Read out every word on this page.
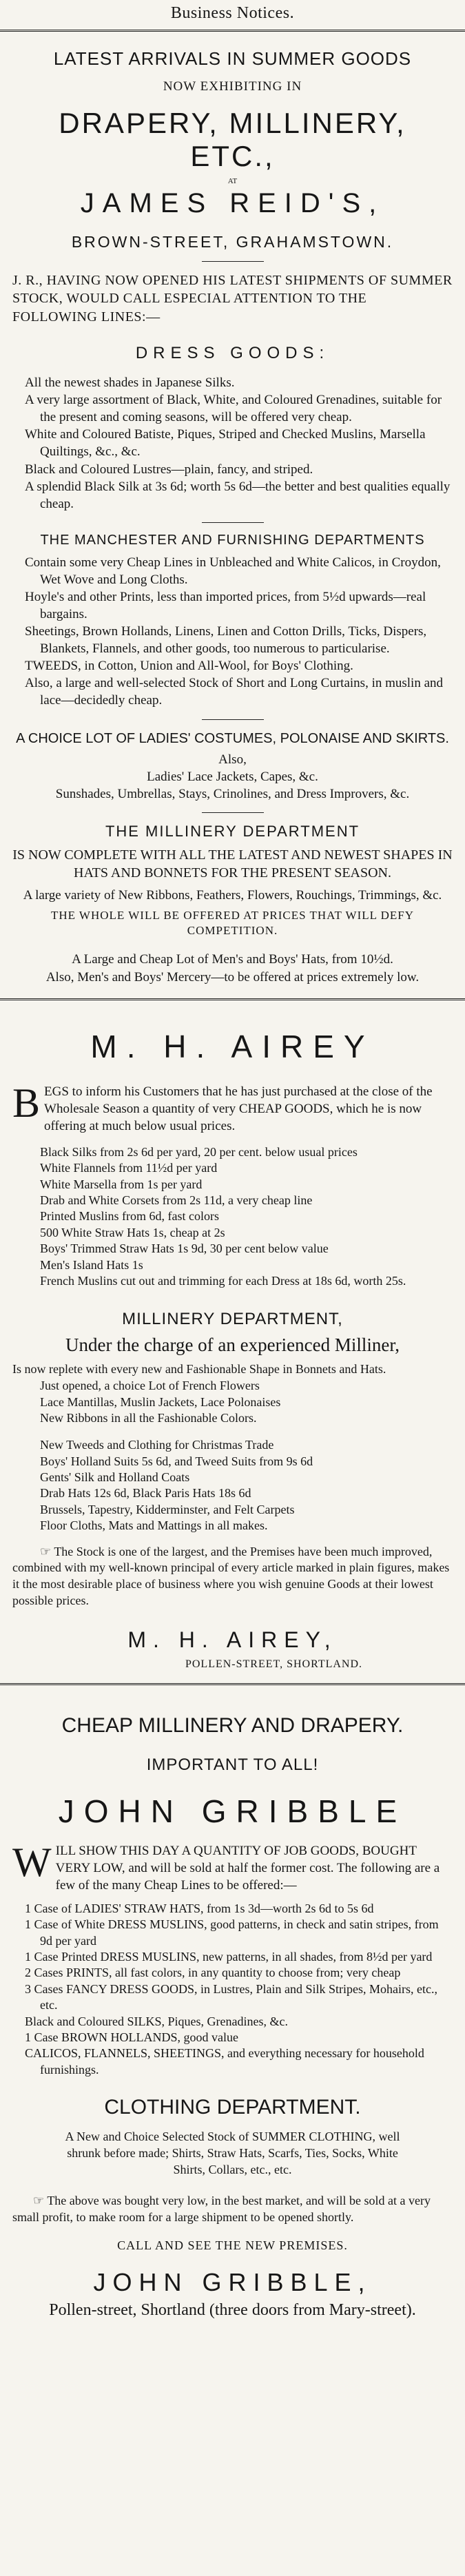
Business Notices.
LATEST ARRIVALS IN SUMMER GOODS
NOW EXHIBITING IN
DRAPERY, MILLINERY, ETC.,
AT
JAMES REID'S,
BROWN-STREET, GRAHAMSTOWN.
J. R., HAVING NOW OPENED HIS LATEST SHIPMENTS OF SUMMER STOCK, WOULD CALL ESPECIAL ATTENTION TO THE FOLLOWING LINES:—
DRESS GOODS:
All the newest shades in Japanese Silks.
A very large assortment of Black, White, and Coloured Grenadines, suitable for the present and coming seasons, will be offered very cheap.
White and Coloured Batiste, Piques, Striped and Checked Muslins, Marsella Quiltings, &c., &c.
Black and Coloured Lustres—plain, fancy, and striped.
A splendid Black Silk at 3s 6d; worth 5s 6d—the better and best qualities equally cheap.
THE MANCHESTER AND FURNISHING DEPARTMENTS
Contain some very Cheap Lines in Unbleached and White Calicos, in Croydon, Wet Wove and Long Cloths.
Hoyle's and other Prints, less than imported prices, from 5½d upwards—real bargains.
Sheetings, Brown Hollands, Linens, Linen and Cotton Drills, Ticks, Dispers, Blankets, Flannels, and other goods, too numerous to particularise.
TWEEDS, in Cotton, Union and All-Wool, for Boys' Clothing.
Also, a large and well-selected Stock of Short and Long Curtains, in muslin and lace—decidedly cheap.
A CHOICE LOT OF LADIES' COSTUMES, POLONAISE AND SKIRTS.
Also,
Ladies' Lace Jackets, Capes, &c.
Sunshades, Umbrellas, Stays, Crinolines, and Dress Improvers, &c.
THE MILLINERY DEPARTMENT
IS NOW COMPLETE WITH ALL THE LATEST AND NEWEST SHAPES IN HATS AND BONNETS FOR THE PRESENT SEASON.
A large variety of New Ribbons, Feathers, Flowers, Rouchings, Trimmings, &c.
THE WHOLE WILL BE OFFERED AT PRICES THAT WILL DEFY COMPETITION.
A Large and Cheap Lot of Men's and Boys' Hats, from 10½d.
Also, Men's and Boys' Mercery—to be offered at prices extremely low.
M. H. AIREY
B EGS to inform his Customers that he has just purchased at the close of the Wholesale Season a quantity of very CHEAP GOODS, which he is now offering at much below usual prices.
Black Silks from 2s 6d per yard, 20 per cent. below usual prices
White Flannels from 11½d per yard
White Marsella from 1s per yard
Drab and White Corsets from 2s 11d, a very cheap line
Printed Muslins from 6d, fast colors
500 White Straw Hats 1s, cheap at 2s
Boys' Trimmed Straw Hats 1s 9d, 30 per cent below value
Men's Island Hats 1s
French Muslins cut out and trimming for each Dress at 18s 6d, worth 25s.
MILLINERY DEPARTMENT,
Under the charge of an experienced Milliner,
Is now replete with every new and Fashionable Shape in Bonnets and Hats.
Just opened, a choice Lot of French Flowers
Lace Mantillas, Muslin Jackets, Lace Polonaises
New Ribbons in all the Fashionable Colors.
New Tweeds and Clothing for Christmas Trade
Boys' Holland Suits 5s 6d, and Tweed Suits from 9s 6d
Gents' Silk and Holland Coats
Drab Hats 12s 6d, Black Paris Hats 18s 6d
Brussels, Tapestry, Kidderminster, and Felt Carpets
Floor Cloths, Mats and Mattings in all makes.
☞ The Stock is one of the largest, and the Premises have been much improved, combined with my well-known principal of every article marked in plain figures, makes it the most desirable place of business where you wish genuine Goods at their lowest possible prices.
M. H. AIREY,
POLLEN-STREET, SHORTLAND.
CHEAP MILLINERY AND DRAPERY.
IMPORTANT TO ALL!
JOHN GRIBBLE
W ILL SHOW THIS DAY A QUANTITY OF JOB GOODS, BOUGHT VERY LOW, and will be sold at half the former cost. The following are a few of the many Cheap Lines to be offered:—
1 Case of LADIES' STRAW HATS, from 1s 3d—worth 2s 6d to 5s 6d
1 Case of White DRESS MUSLINS, good patterns, in check and satin stripes, from 9d per yard
1 Case Printed DRESS MUSLINS, new patterns, in all shades, from 8½d per yard
2 Cases PRINTS, all fast colors, in any quantity to choose from; very cheap
3 Cases FANCY DRESS GOODS, in Lustres, Plain and Silk Stripes, Mohairs, etc., etc.
Black and Coloured SILKS, Piques, Grenadines, &c.
1 Case BROWN HOLLANDS, good value
CALICOS, FLANNELS, SHEETINGS, and everything necessary for household furnishings.
CLOTHING DEPARTMENT.
A New and Choice Selected Stock of SUMMER CLOTHING, well shrunk before made; Shirts, Straw Hats, Scarfs, Ties, Socks, White Shirts, Collars, etc., etc.
☞ The above was bought very low, in the best market, and will be sold at a very small profit, to make room for a large shipment to be opened shortly.
CALL AND SEE THE NEW PREMISES.
JOHN GRIBBLE,
Pollen-street, Shortland (three doors from Mary-street).
